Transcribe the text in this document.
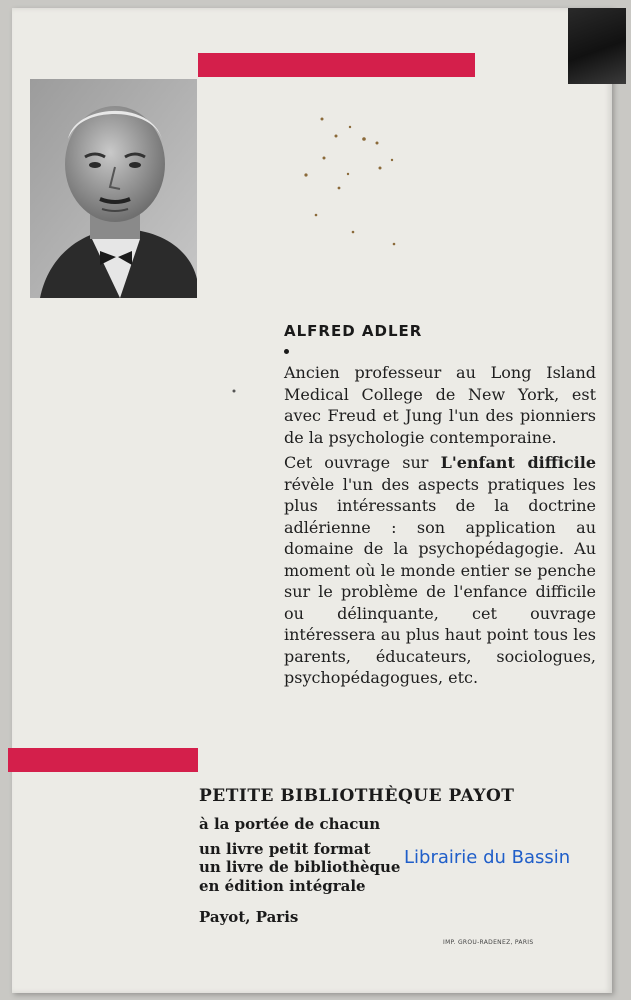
ALFRED ADLER

Ancien professeur au Long Island Medical College de New York, est avec Freud et Jung l'un des pionniers de la psychologie contemporaine.

Cet ouvrage sur L'enfant difficile révèle l'un des aspects pratiques les plus intéressants de la doctrine adlérienne : son application au domaine de la psychopédagogie. Au moment où le monde entier se penche sur le problème de l'enfance difficile ou délinquante, cet ouvrage intéressera au plus haut point tous les parents, éducateurs, sociologues, psychopédagogues, etc.

PETITE BIBLIOTHÈQUE PAYOT
à la portée de chacun
un livre petit format
un livre de bibliothèque
en édition intégrale
Payot, Paris
IMP. GROU-RADENEZ, PARIS
Librairie du Bassin
